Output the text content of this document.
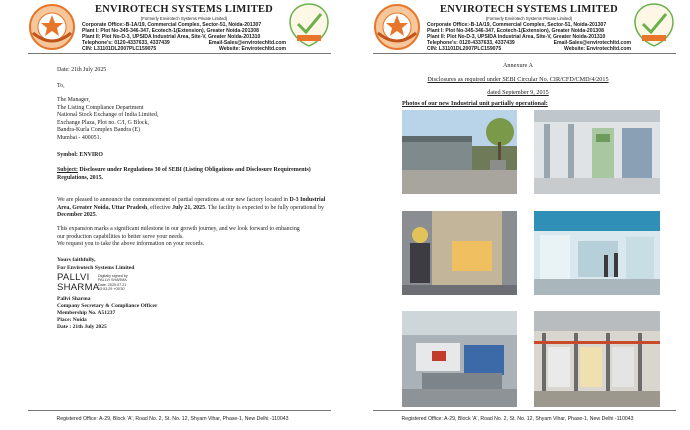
ENVIROTECH SYSTEMS LIMITED
(Formerly Envirotech Systems Private Limited)
Corporate Office:-B-1A/19, Commercial Complex, Sector-51, Noida-201307
Plant I: Plot No-345-346-347, Ecotech-1(Extension), Greater Noida-201308
Plant II: Plot No-D-3, UPSIDA Industrial Area, Site-V, Greater Noida-201310
Telephone's: 0120-4337633, 4337439	Email-Sales@envirotechltd.com
CIN: L31101DL2007PLC159075	Website: Envirotechltd.com
Date: 21th July 2025
To,
The Manager,
The Listing Compliance Department
National Stock Exchange of India Limited,
Exchange Plaza, Plot no. C/I, G Block,
Bandra-Kurla Complex Bandra (E)
Mumbai - 400051.
Symbol: ENVIRO
Subject: Disclosure under Regulations 30 of SEBI (Listing Obligations and Disclosure Requirements) Regulations, 2015.
We are pleased to announce the commencement of partial operations at our new factory located in D-3 Industrial Area, Greater Noida, Uttar Pradesh, effective July 21, 2025. The facility is expected to be fully operational by December 2025.
This expansion marks a significant milestone in our growth journey, and we look forward to enhancing
our production capabilities to better serve your needs.
We request you to take the above information on your records.
Yours faithfully,
For Envirotech Systems Limited
PALLVI
SHARMA
Digitally signed by
PALLVI SHARMA
Date: 2025.07.21
13:53:29 +05'30'
Pallvi Sharma
Company Secretary & Compliance Officer
Membership No. A51237
Place: Noida
Date : 21th July 2025
Registered Office: A-29, Block 'A', Road No. 2, St. No. 12, Shyam Vihar, Phase-1, New Delhi -110043
ENVIROTECH SYSTEMS LIMITED
(Formerly Envirotech Systems Private Limited)
Corporate Office:-B-1A/19, Commercial Complex, Sector-51, Noida-201307
Plant I: Plot No-345-346-347, Ecotech-1(Extension), Greater Noida-201308
Plant II: Plot No-D-3, UPSIDA Industrial Area, Site-V, Greater Noida-201310
Telephone's: 0120-4337633, 4337439	Email-Sales@envirotechltd.com
CIN: L31101DL2007PLC159075	Website: Envirotechltd.com
Annexure A
Disclosures as required under SEBI Circular No. CIR/CFD/CMD/4/2015
dated September 9, 2015
Photos of our new Industrial unit partially operational:
Registered Office: A-29, Block 'A', Road No. 2, St. No. 12, Shyam Vihar, Phase-1, New Delhi -110043
